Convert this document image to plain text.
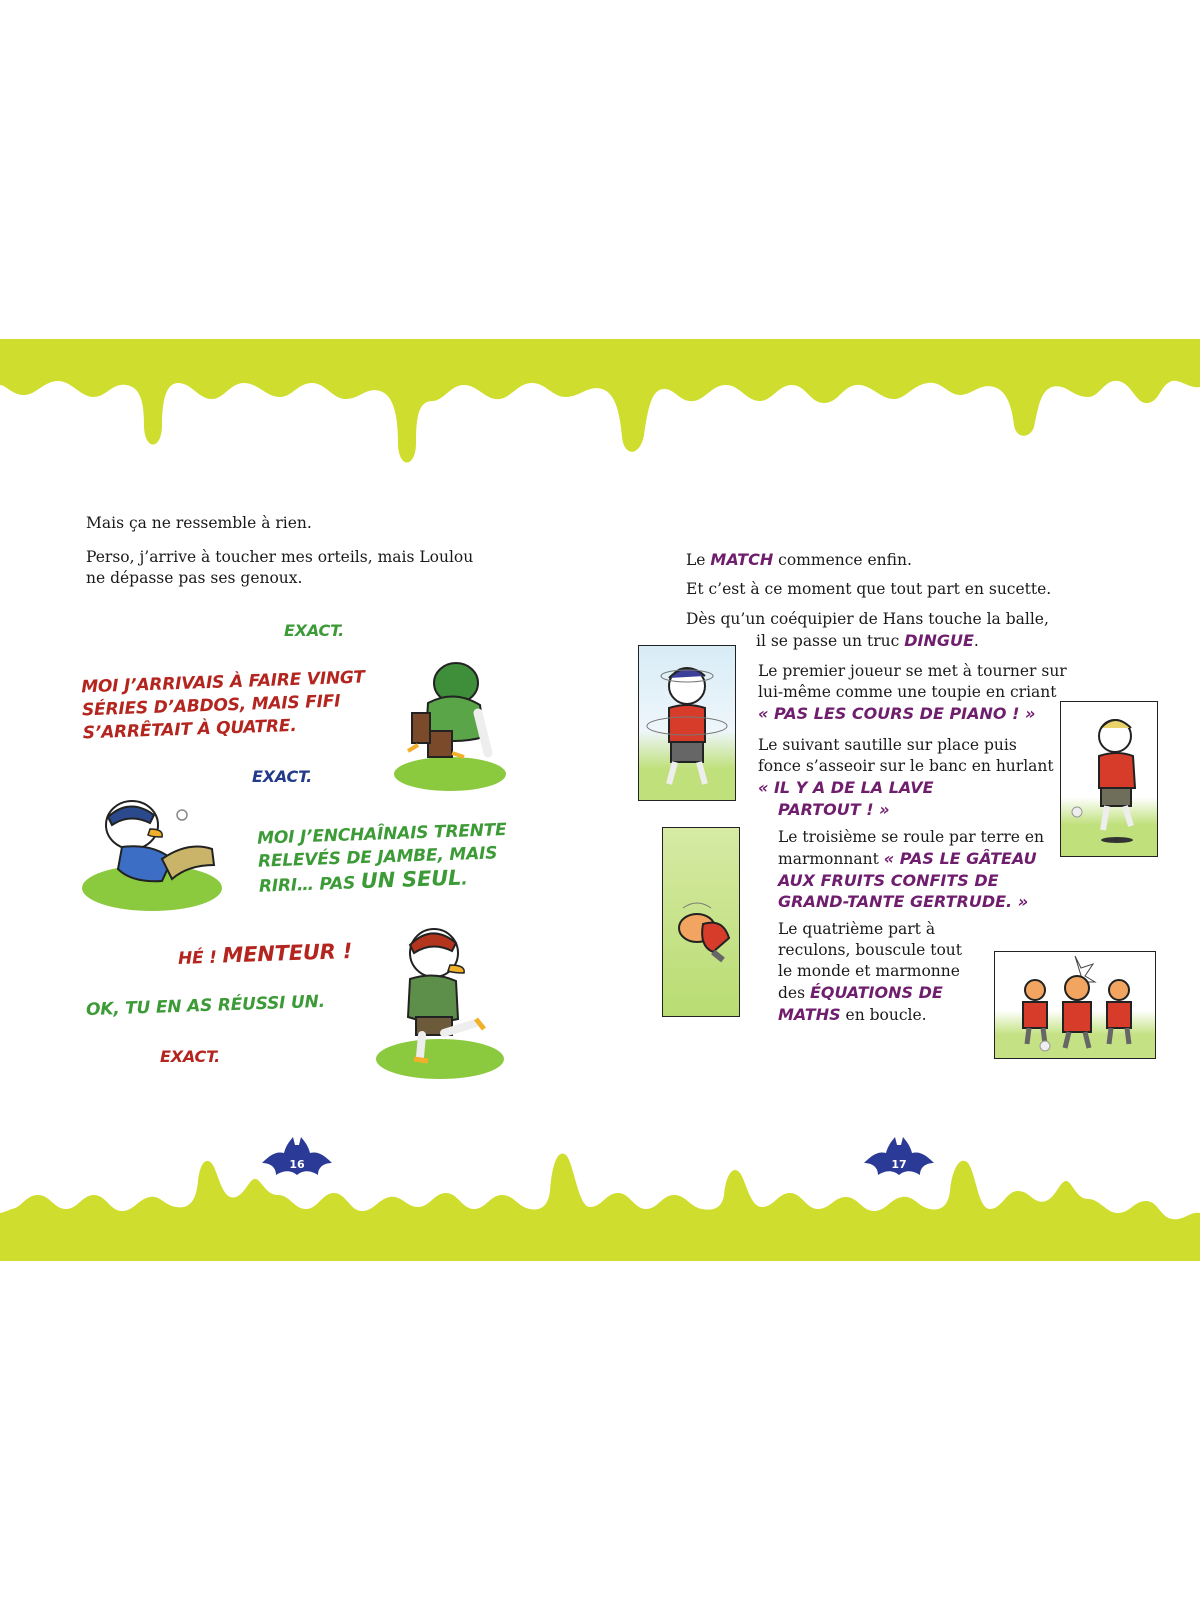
Mais ça ne ressemble à rien.
Perso, j’arrive à toucher mes orteils, mais Loulou ne dépasse pas ses genoux.
EXACT.
MOI J’ARRIVAIS À FAIRE VINGT SÉRIES D’ABDOS, MAIS FIFI S’ARRÊTAIT À QUATRE.
EXACT.
MOI J’ENCHAÎNAIS TRENTE RELEVÉS DE JAMBE, MAIS RIRI… PAS UN SEUL.
HÉ ! MENTEUR !
OK, TU EN AS RÉUSSI UN.
EXACT.
16
Le MATCH commence enfin.
Et c’est à ce moment que tout part en sucette.
Dès qu’un coéquipier de Hans touche la balle,
il se passe un truc DINGUE.
Le premier joueur se met à tourner sur lui-même comme une toupie en criant
« PAS LES COURS DE PIANO ! »
Le suivant sautille sur place puis fonce s’asseoir sur le banc en hurlant « IL Y A DE LA LAVE
PARTOUT ! »
Le troisième se roule par terre en marmonnant « PAS LE GÂTEAU
AUX FRUITS CONFITS DE
GRAND-TANTE GERTRUDE. »
Le quatrième part à reculons, bouscule tout le monde et marmonne des ÉQUATIONS DE MATHS en boucle.
17
